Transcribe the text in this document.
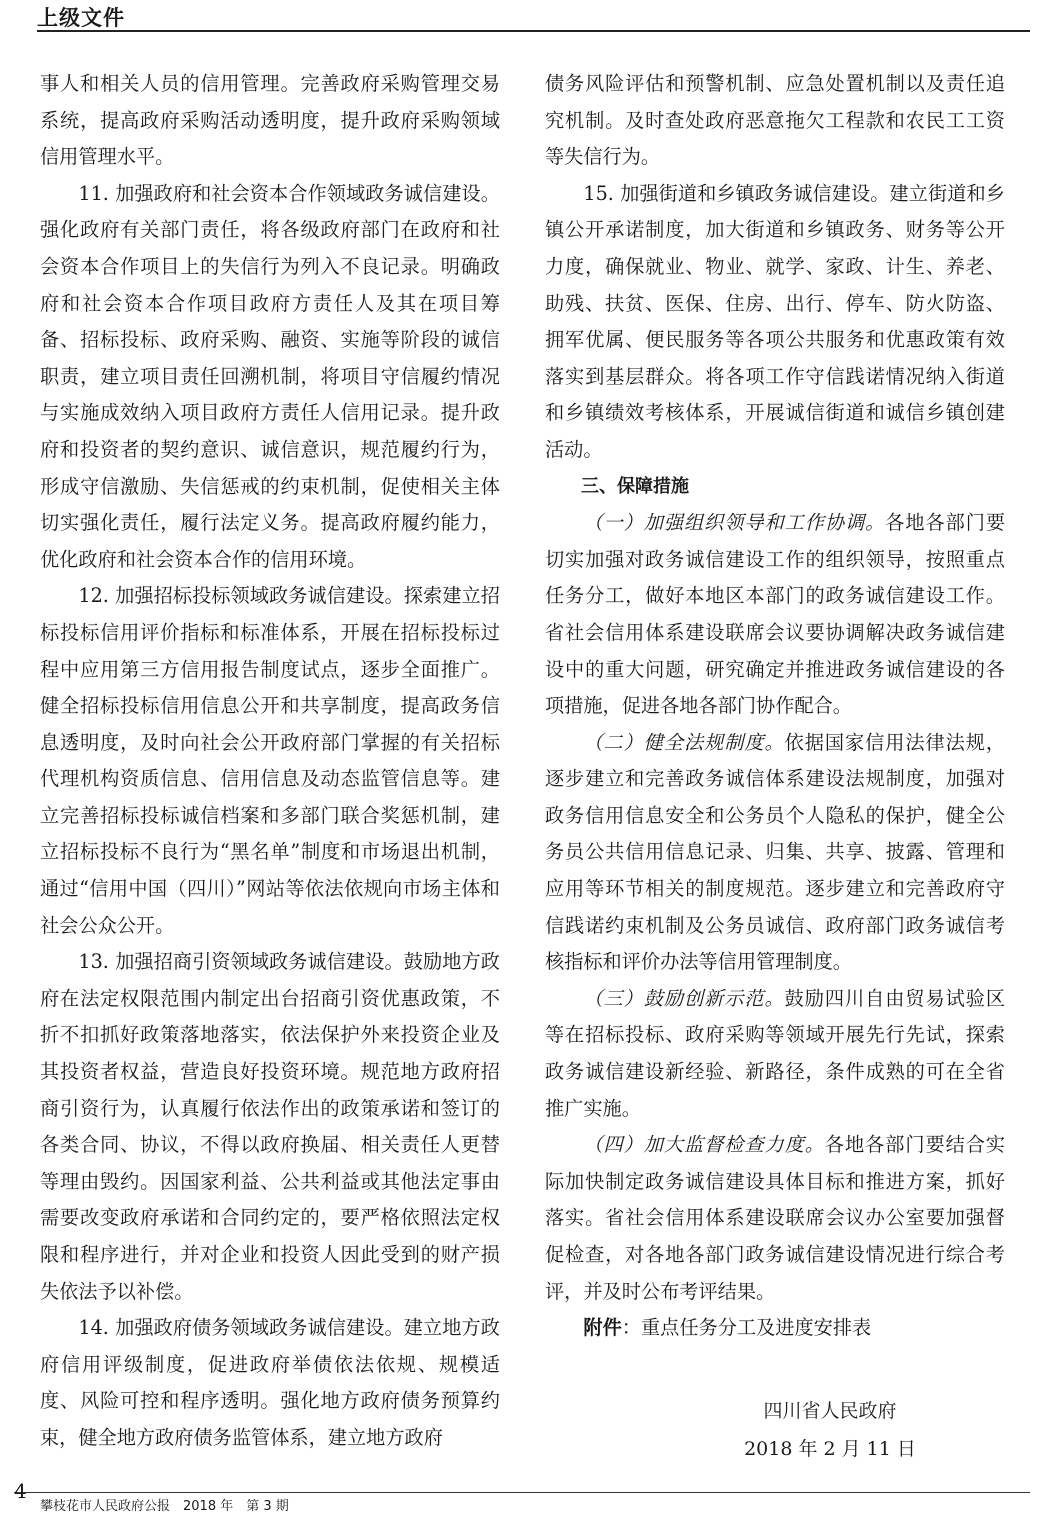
上级文件

事人和相关人员的信用管理。完善政府采购管理交易系统，提高政府采购活动透明度，提升政府采购领域信用管理水平。

11. 加强政府和社会资本合作领域政务诚信建设。强化政府有关部门责任，将各级政府部门在政府和社会资本合作项目上的失信行为列入不良记录。明确政府和社会资本合作项目政府方责任人及其在项目筹备、招标投标、政府采购、融资、实施等阶段的诚信职责，建立项目责任回溯机制，将项目守信履约情况与实施成效纳入项目政府方责任人信用记录。提升政府和投资者的契约意识、诚信意识，规范履约行为，形成守信激励、失信惩戒的约束机制，促使相关主体切实强化责任，履行法定义务。提高政府履约能力，优化政府和社会资本合作的信用环境。

12. 加强招标投标领域政务诚信建设。探索建立招标投标信用评价指标和标准体系，开展在招标投标过程中应用第三方信用报告制度试点，逐步全面推广。健全招标投标信用信息公开和共享制度，提高政务信息透明度，及时向社会公开政府部门掌握的有关招标代理机构资质信息、信用信息及动态监管信息等。建立完善招标投标诚信档案和多部门联合奖惩机制，建立招标投标不良行为“黑名单”制度和市场退出机制，通过“信用中国（四川）”网站等依法依规向市场主体和社会公众公开。

13. 加强招商引资领域政务诚信建设。鼓励地方政府在法定权限范围内制定出台招商引资优惠政策，不折不扣抓好政策落地落实，依法保护外来投资企业及其投资者权益，营造良好投资环境。规范地方政府招商引资行为，认真履行依法作出的政策承诺和签订的各类合同、协议，不得以政府换届、相关责任人更替等理由毁约。因国家利益、公共利益或其他法定事由需要改变政府承诺和合同约定的，要严格依照法定权限和程序进行，并对企业和投资人因此受到的财产损失依法予以补偿。

14. 加强政府债务领域政务诚信建设。建立地方政府信用评级制度，促进政府举债依法依规、规模适度、风险可控和程序透明。强化地方政府债务预算约束，健全地方政府债务监管体系，建立地方政府

债务风险评估和预警机制、应急处置机制以及责任追究机制。及时查处政府恶意拖欠工程款和农民工工资等失信行为。

15. 加强街道和乡镇政务诚信建设。建立街道和乡镇公开承诺制度，加大街道和乡镇政务、财务等公开力度，确保就业、物业、就学、家政、计生、养老、助残、扶贫、医保、住房、出行、停车、防火防盗、拥军优属、便民服务等各项公共服务和优惠政策有效落实到基层群众。将各项工作守信践诺情况纳入街道和乡镇绩效考核体系，开展诚信街道和诚信乡镇创建活动。

三、保障措施

（一）加强组织领导和工作协调。各地各部门要切实加强对政务诚信建设工作的组织领导，按照重点任务分工，做好本地区本部门的政务诚信建设工作。省社会信用体系建设联席会议要协调解决政务诚信建设中的重大问题，研究确定并推进政务诚信建设的各项措施，促进各地各部门协作配合。

（二）健全法规制度。依据国家信用法律法规，逐步建立和完善政务诚信体系建设法规制度，加强对政务信用信息安全和公务员个人隐私的保护，健全公务员公共信用信息记录、归集、共享、披露、管理和应用等环节相关的制度规范。逐步建立和完善政府守信践诺约束机制及公务员诚信、政府部门政务诚信考核指标和评价办法等信用管理制度。

（三）鼓励创新示范。鼓励四川自由贸易试验区等在招标投标、政府采购等领域开展先行先试，探索政务诚信建设新经验、新路径，条件成熟的可在全省推广实施。

（四）加大监督检查力度。各地各部门要结合实际加快制定政务诚信建设具体目标和推进方案，抓好落实。省社会信用体系建设联席会议办公室要加强督促检查，对各地各部门政务诚信建设情况进行综合考评，并及时公布考评结果。

附件：重点任务分工及进度安排表

四川省人民政府
2018 年 2 月 11 日
4
攀枝花市人民政府公报　2018 年　第 3 期
